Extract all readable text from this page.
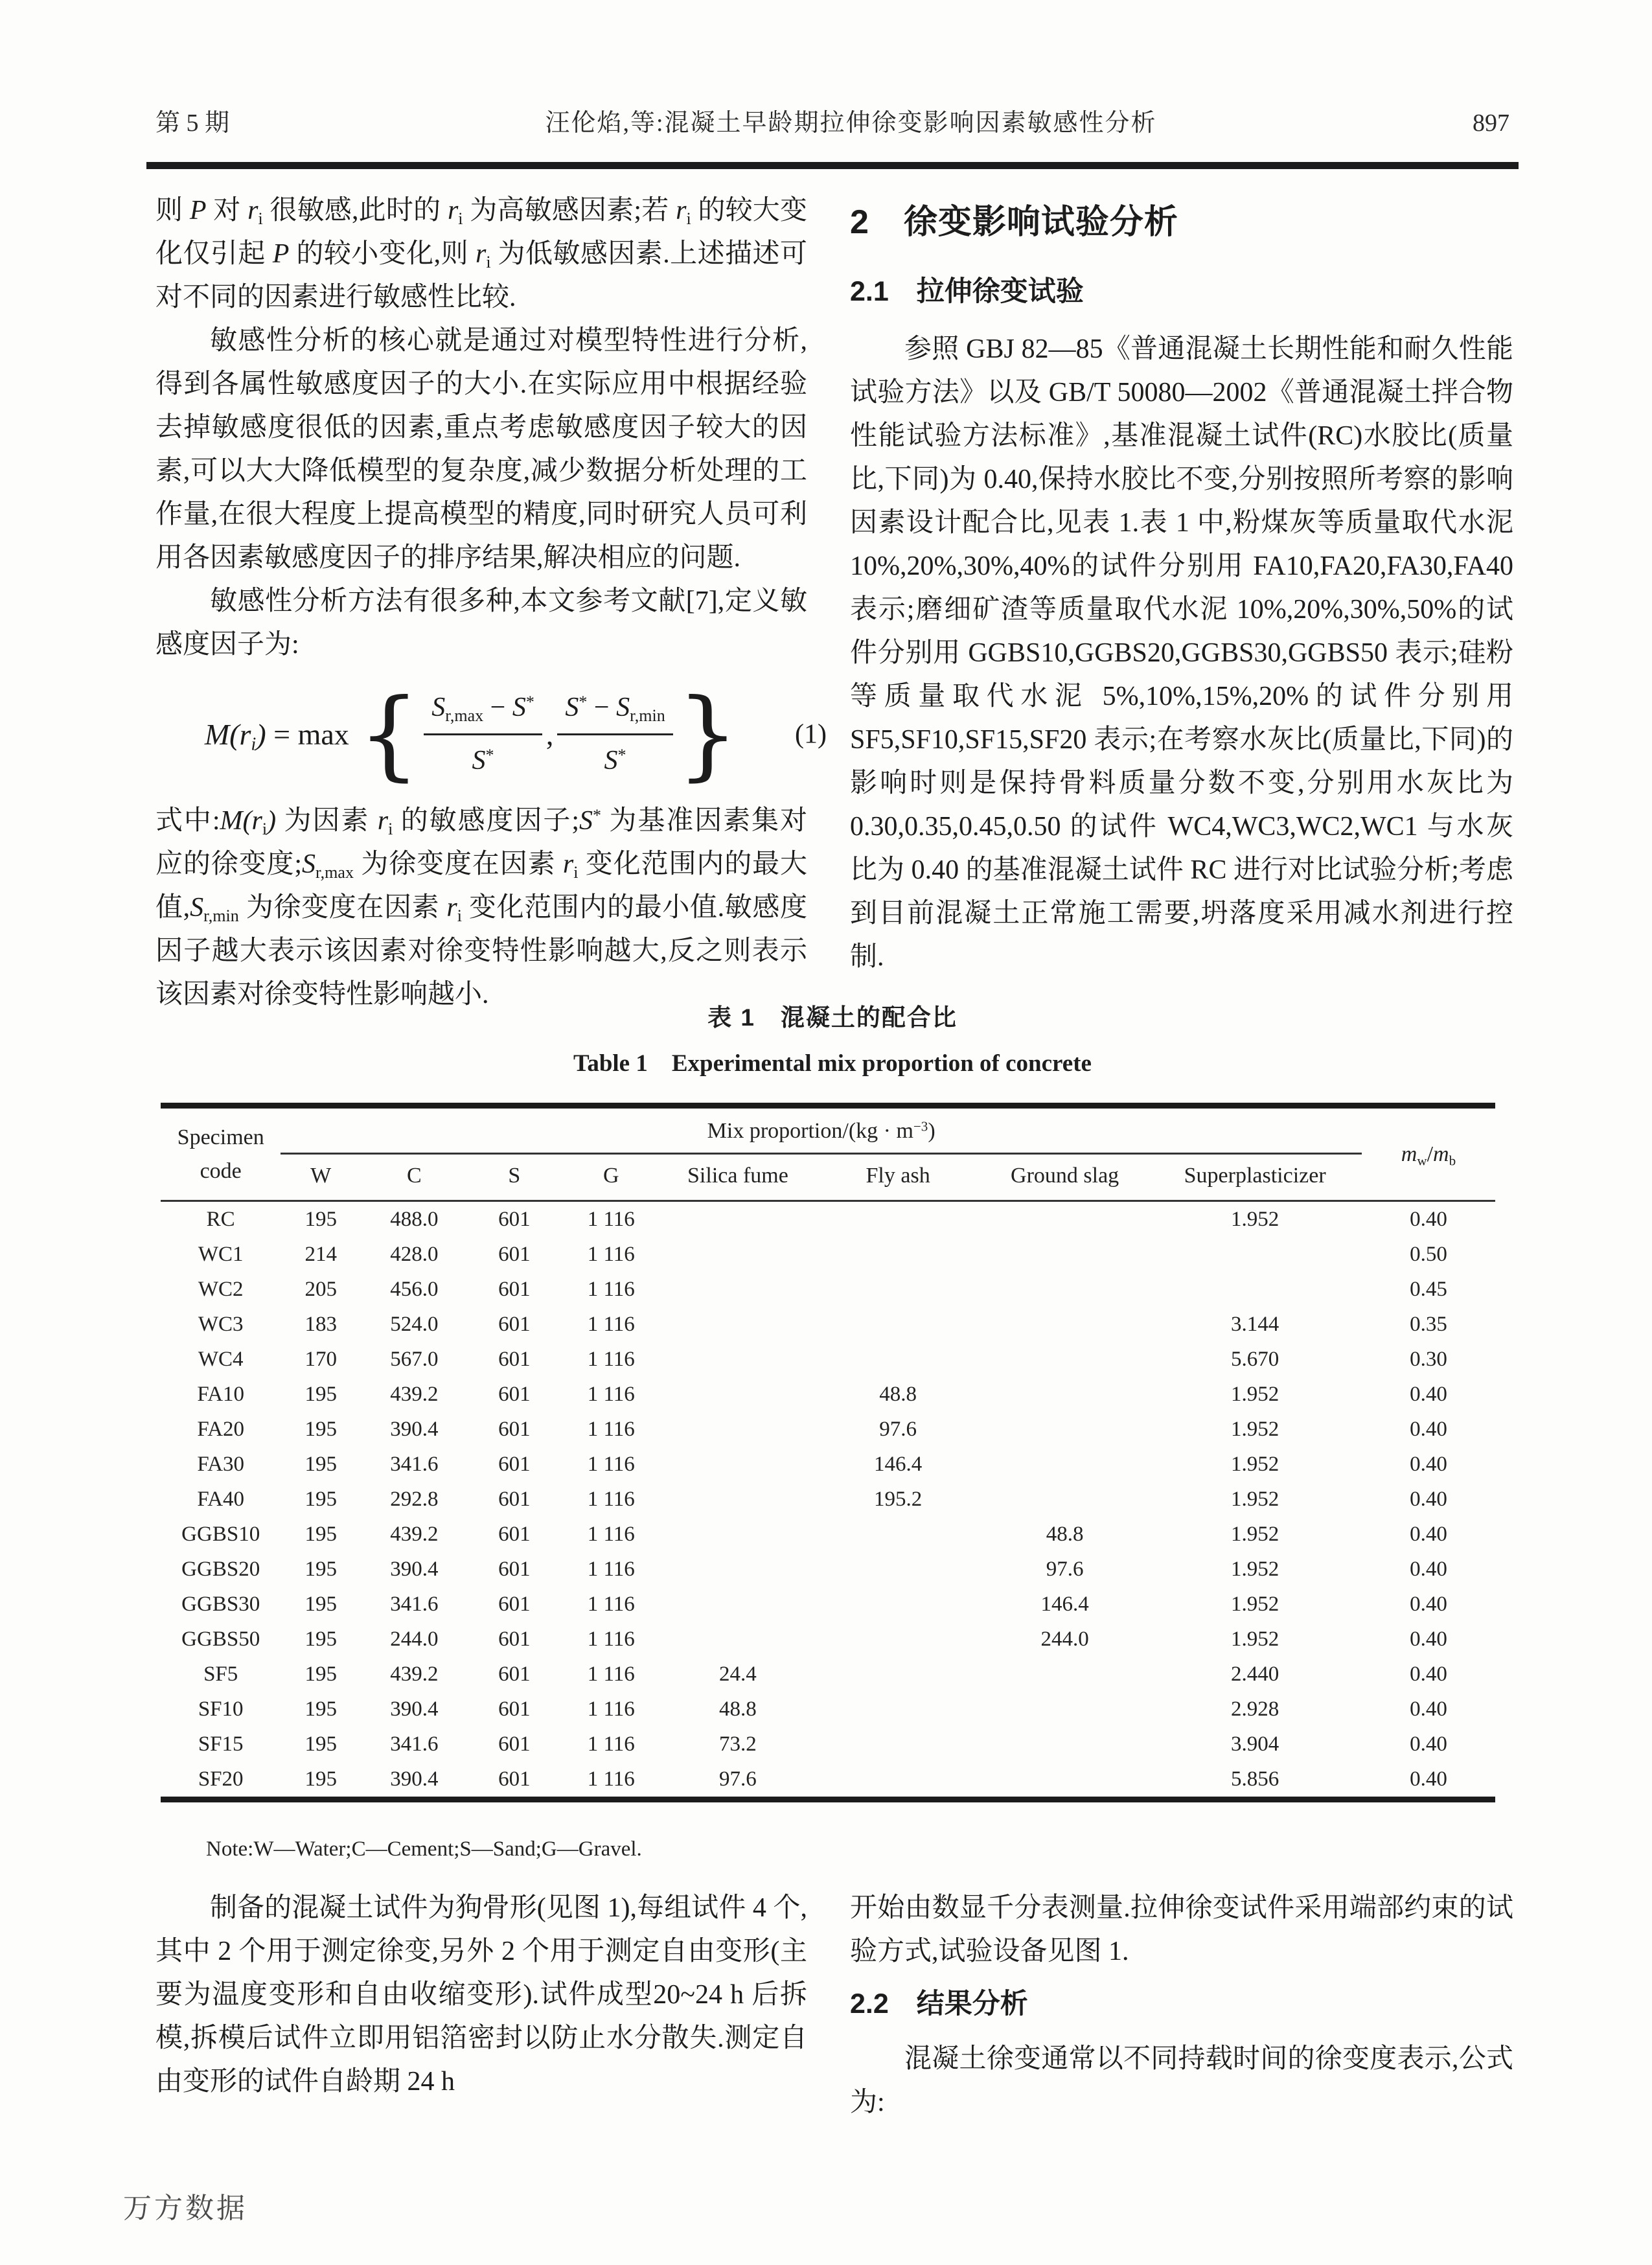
第 5 期	汪伦焰,等:混凝土早龄期拉伸徐变影响因素敏感性分析	897

则 P 对 $r_i$ 很敏感,此时的 $r_i$ 为高敏感因素;若 $r_i$ 的较大变化仅引起 P 的较小变化,则 $r_i$ 为低敏感因素.上述描述可对不同的因素进行敏感性比较.

敏感性分析的核心就是通过对模型特性进行分析,得到各属性敏感度因子的大小.在实际应用中根据经验去掉敏感度很低的因素,重点考虑敏感度因子较大的因素,可以大大降低模型的复杂度,减少数据分析处理的工作量,在很大程度上提高模型的精度,同时研究人员可利用各因素敏感度因子的排序结果,解决相应的问题.

敏感性分析方法有很多种,本文参考文献[7],定义敏感度因子为:

$M(r_i) = \max$ { $\frac{S_{r,max} - S^*}{S^*}$ , $\frac{S^* - S_{r,min}}{S^*}$ } (1)

式中$:M(r_i)$ 为因素 $r_i$ 的敏感度因子;S* 为基准因素集对应的徐变度$;S_{r,max}$ 为徐变度在因素 $r_i$ 变化范围内的最大值$,S_{r,min}$ 为徐变度在因素 $r_i$ 变化范围内的最小值.敏感度因子越大表示该因素对徐变特性影响越大,反之则表示该因素对徐变特性影响越小.

2　徐变影响试验分析
2.1　拉伸徐变试验

参照 GBJ 82—85《普通混凝土长期性能和耐久性能试验方法》以及 GB/T 50080—2002《普通混凝土拌合物性能试验方法标准》,基准混凝土试件(RC)水胶比(质量比,下同)为 0.40,保持水胶比不变,分别按照所考察的影响因素设计配合比,见表 1.表 1 中,粉煤灰等质量取代水泥 10%,20%,30%,40%的试件分别用 FA10,FA20,FA30,FA40 表示;磨细矿渣等质量取代水泥 10%,20%,30%,50%的试件分别用 GGBS10,GGBS20,GGBS30,GGBS50 表示;硅粉等质量取代水泥 5%,10%,15%,20%的试件分别用 SF5,SF10,SF15,SF20 表示;在考察水灰比(质量比,下同)的影响时则是保持骨料质量分数不变,分别用水灰比为 0.30,0.35,0.45,0.50 的试件 WC4,WC3,WC2,WC1 与水灰比为 0.40 的基准混凝土试件 RC 进行对比试验分析;考虑到目前混凝土正常施工需要,坍落度采用减水剂进行控制.

表 1　混凝土的配合比
Table 1　Experimental mix proportion of concrete
Specimen
code	Mix proportion/(kg · $m^{-3}$)								$m_w/m_b$
	W	C	S	G	Silica fume	Fly ash	Ground slag	Superplasticizer	
RC	195	488.0	601	1 116				1.952	0.40
WC1	214	428.0	601	1 116					0.50
WC2	205	456.0	601	1 116					0.45
WC3	183	524.0	601	1 116				3.144	0.35
WC4	170	567.0	601	1 116				5.670	0.30
FA10	195	439.2	601	1 116		48.8		1.952	0.40
FA20	195	390.4	601	1 116		97.6		1.952	0.40
FA30	195	341.6	601	1 116		146.4		1.952	0.40
FA40	195	292.8	601	1 116		195.2		1.952	0.40
GGBS10	195	439.2	601	1 116			48.8	1.952	0.40
GGBS20	195	390.4	601	1 116			97.6	1.952	0.40
GGBS30	195	341.6	601	1 116			146.4	1.952	0.40
GGBS50	195	244.0	601	1 116			244.0	1.952	0.40
SF5	195	439.2	601	1 116	24.4			2.440	0.40
SF10	195	390.4	601	1 116	48.8			2.928	0.40
SF15	195	341.6	601	1 116	73.2			3.904	0.40
SF20	195	390.4	601	1 116	97.6			5.856	0.40
Note:W—Water;C—Cement;S—Sand;G—Gravel.

制备的混凝土试件为狗骨形(见图 1),每组试件 4 个,其中 2 个用于测定徐变,另外 2 个用于测定自由变形(主要为温度变形和自由收缩变形).试件成型20~24 h 后拆模,拆模后试件立即用铝箔密封以防止水分散失.测定自由变形的试件自龄期 24 h

开始由数显千分表测量.拉伸徐变试件采用端部约束的试验方式,试验设备见图 1.

2.2　结果分析

混凝土徐变通常以不同持载时间的徐变度表示,公式为:

万方数据
